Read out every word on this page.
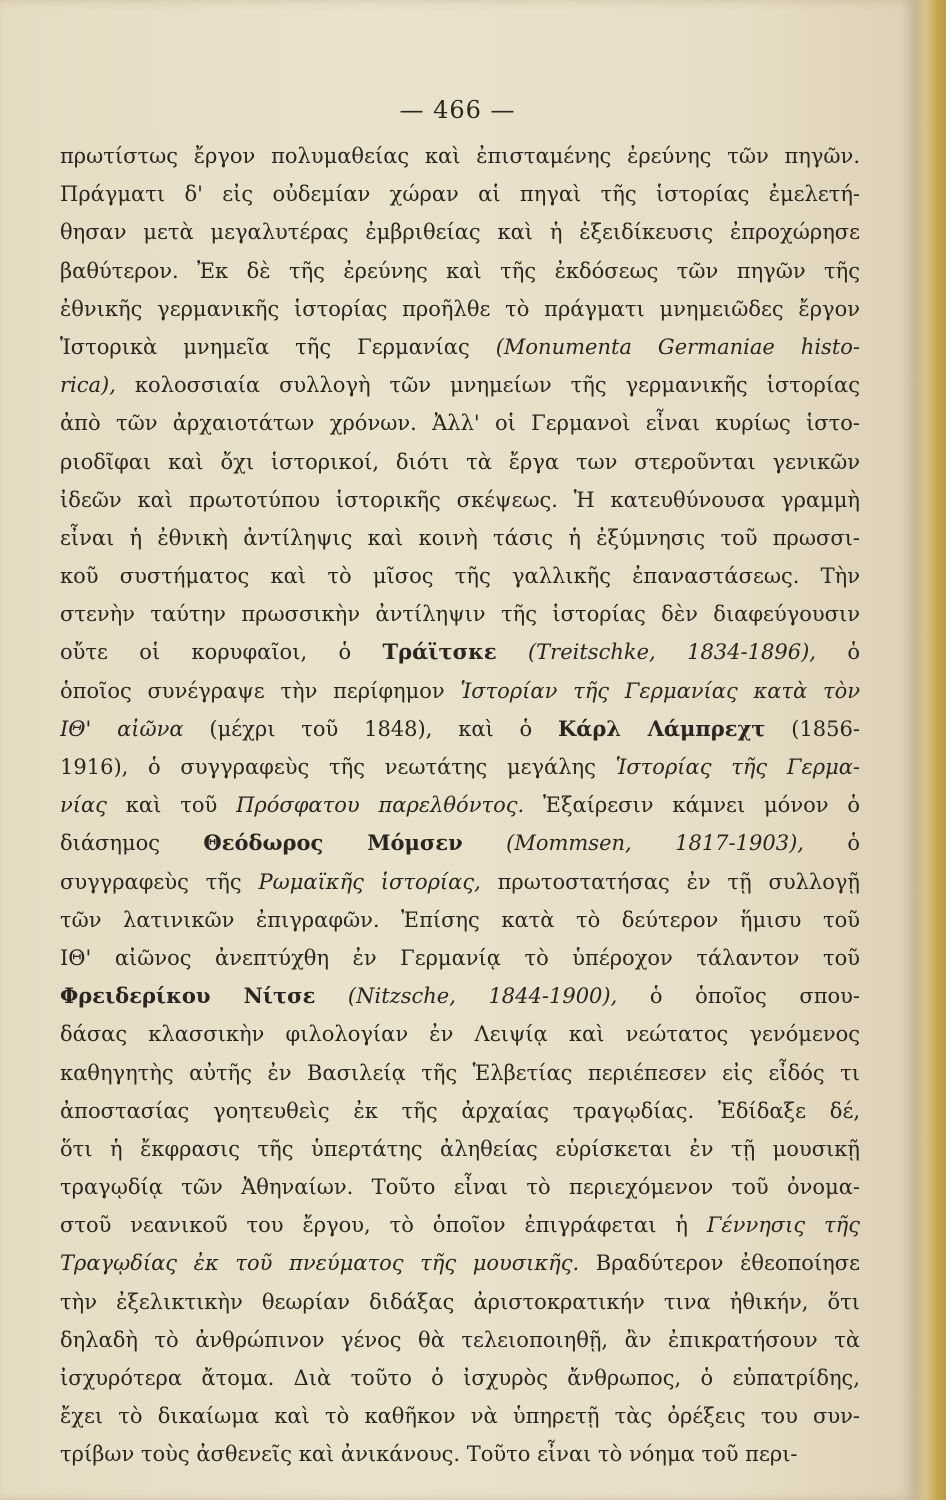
— 466 —
πρωτίστως ἔργον πολυμαθείας καὶ ἐπισταμένης ἐρεύνης τῶν πηγῶν.
Πράγματι δ' εἰς οὐδεμίαν χώραν αἱ πηγαὶ τῆς ἱστορίας ἐμελετή-
θησαν μετὰ μεγαλυτέρας ἐμβριθείας καὶ ἡ ἐξειδίκευσις ἐπροχώρησε
βαθύτερον. Ἐκ δὲ τῆς ἐρεύνης καὶ τῆς ἐκδόσεως τῶν πηγῶν τῆς
ἐθνικῆς γερμανικῆς ἱστορίας προῆλθε τὸ πράγματι μνημειῶδες ἔργον
Ἱστορικὰ μνημεῖα τῆς Γερμανίας (Monumenta Germaniae histo-
rica), κολοσσιαία συλλογὴ τῶν μνημείων τῆς γερμανικῆς ἱστορίας
ἀπὸ τῶν ἀρχαιοτάτων χρόνων. Ἀλλ' οἱ Γερμανοὶ εἶναι κυρίως ἱστο-
ριοδῖφαι καὶ ὄχι ἱστορικοί, διότι τὰ ἔργα των στεροῦνται γενικῶν
ἰδεῶν καὶ πρωτοτύπου ἱστορικῆς σκέψεως. Ἡ κατευθύνουσα γραμμὴ
εἶναι ἡ ἐθνικὴ ἀντίληψις καὶ κοινὴ τάσις ἡ ἐξύμνησις τοῦ πρωσσι-
κοῦ συστήματος καὶ τὸ μῖσος τῆς γαλλικῆς ἐπαναστάσεως. Τὴν
στενὴν ταύτην πρωσσικὴν ἀντίληψιν τῆς ἱστορίας δὲν διαφεύγουσιν
οὔτε οἱ κορυφαῖοι, ὁ Τράϊτσκε (Treitschke, 1834-1896), ὁ
ὁποῖος συνέγραψε τὴν περίφημον Ἱστορίαν τῆς Γερμανίας κατὰ τὸν
ΙΘ' αἰῶνα (μέχρι τοῦ 1848), καὶ ὁ Κάρλ Λάμπρεχτ (1856-
1916), ὁ συγγραφεὺς τῆς νεωτάτης μεγάλης Ἱστορίας τῆς Γερμα-
νίας καὶ τοῦ Πρόσφατου παρελθόντος. Ἐξαίρεσιν κάμνει μόνον ὁ
διάσημος Θεόδωρος Μόμσεν (Mommsen, 1817-1903), ὁ
συγγραφεὺς τῆς Ρωμαϊκῆς ἱστορίας, πρωτοστατήσας ἐν τῇ συλλογῇ
τῶν λατινικῶν ἐπιγραφῶν. Ἐπίσης κατὰ τὸ δεύτερον ἥμισυ τοῦ
ΙΘ' αἰῶνος ἀνεπτύχθη ἐν Γερμανίᾳ τὸ ὑπέροχον τάλαντον τοῦ
Φρειδερίκου Νίτσε (Nitzsche, 1844-1900), ὁ ὁποῖος σπου-
δάσας κλασσικὴν φιλολογίαν ἐν Λειψίᾳ καὶ νεώτατος γενόμενος
καθηγητὴς αὐτῆς ἐν Βασιλείᾳ τῆς Ἑλβετίας περιέπεσεν εἰς εἶδός τι
ἀποστασίας γοητευθεὶς ἐκ τῆς ἀρχαίας τραγῳδίας. Ἐδίδαξε δέ,
ὅτι ἡ ἔκφρασις τῆς ὑπερτάτης ἀληθείας εὑρίσκεται ἐν τῇ μουσικῇ
τραγῳδίᾳ τῶν Ἀθηναίων. Τοῦτο εἶναι τὸ περιεχόμενον τοῦ ὀνομα-
στοῦ νεανικοῦ του ἔργου, τὸ ὁποῖον ἐπιγράφεται ἡ Γέννησις τῆς
Τραγῳδίας ἐκ τοῦ πνεύματος τῆς μουσικῆς. Βραδύτερον ἐθεοποίησε
τὴν ἐξελικτικὴν θεωρίαν διδάξας ἀριστοκρατικήν τινα ἠθικήν, ὅτι
δηλαδὴ τὸ ἀνθρώπινον γένος θὰ τελειοποιηθῇ, ἂν ἐπικρατήσουν τὰ
ἰσχυρότερα ἄτομα. Διὰ τοῦτο ὁ ἰσχυρὸς ἄνθρωπος, ὁ εὐπατρίδης,
ἔχει τὸ δικαίωμα καὶ τὸ καθῆκον νὰ ὑπηρετῇ τὰς ὀρέξεις του συν-
τρίβων τοὺς ἀσθενεῖς καὶ ἀνικάνους. Τοῦτο εἶναι τὸ νόημα τοῦ περι-
